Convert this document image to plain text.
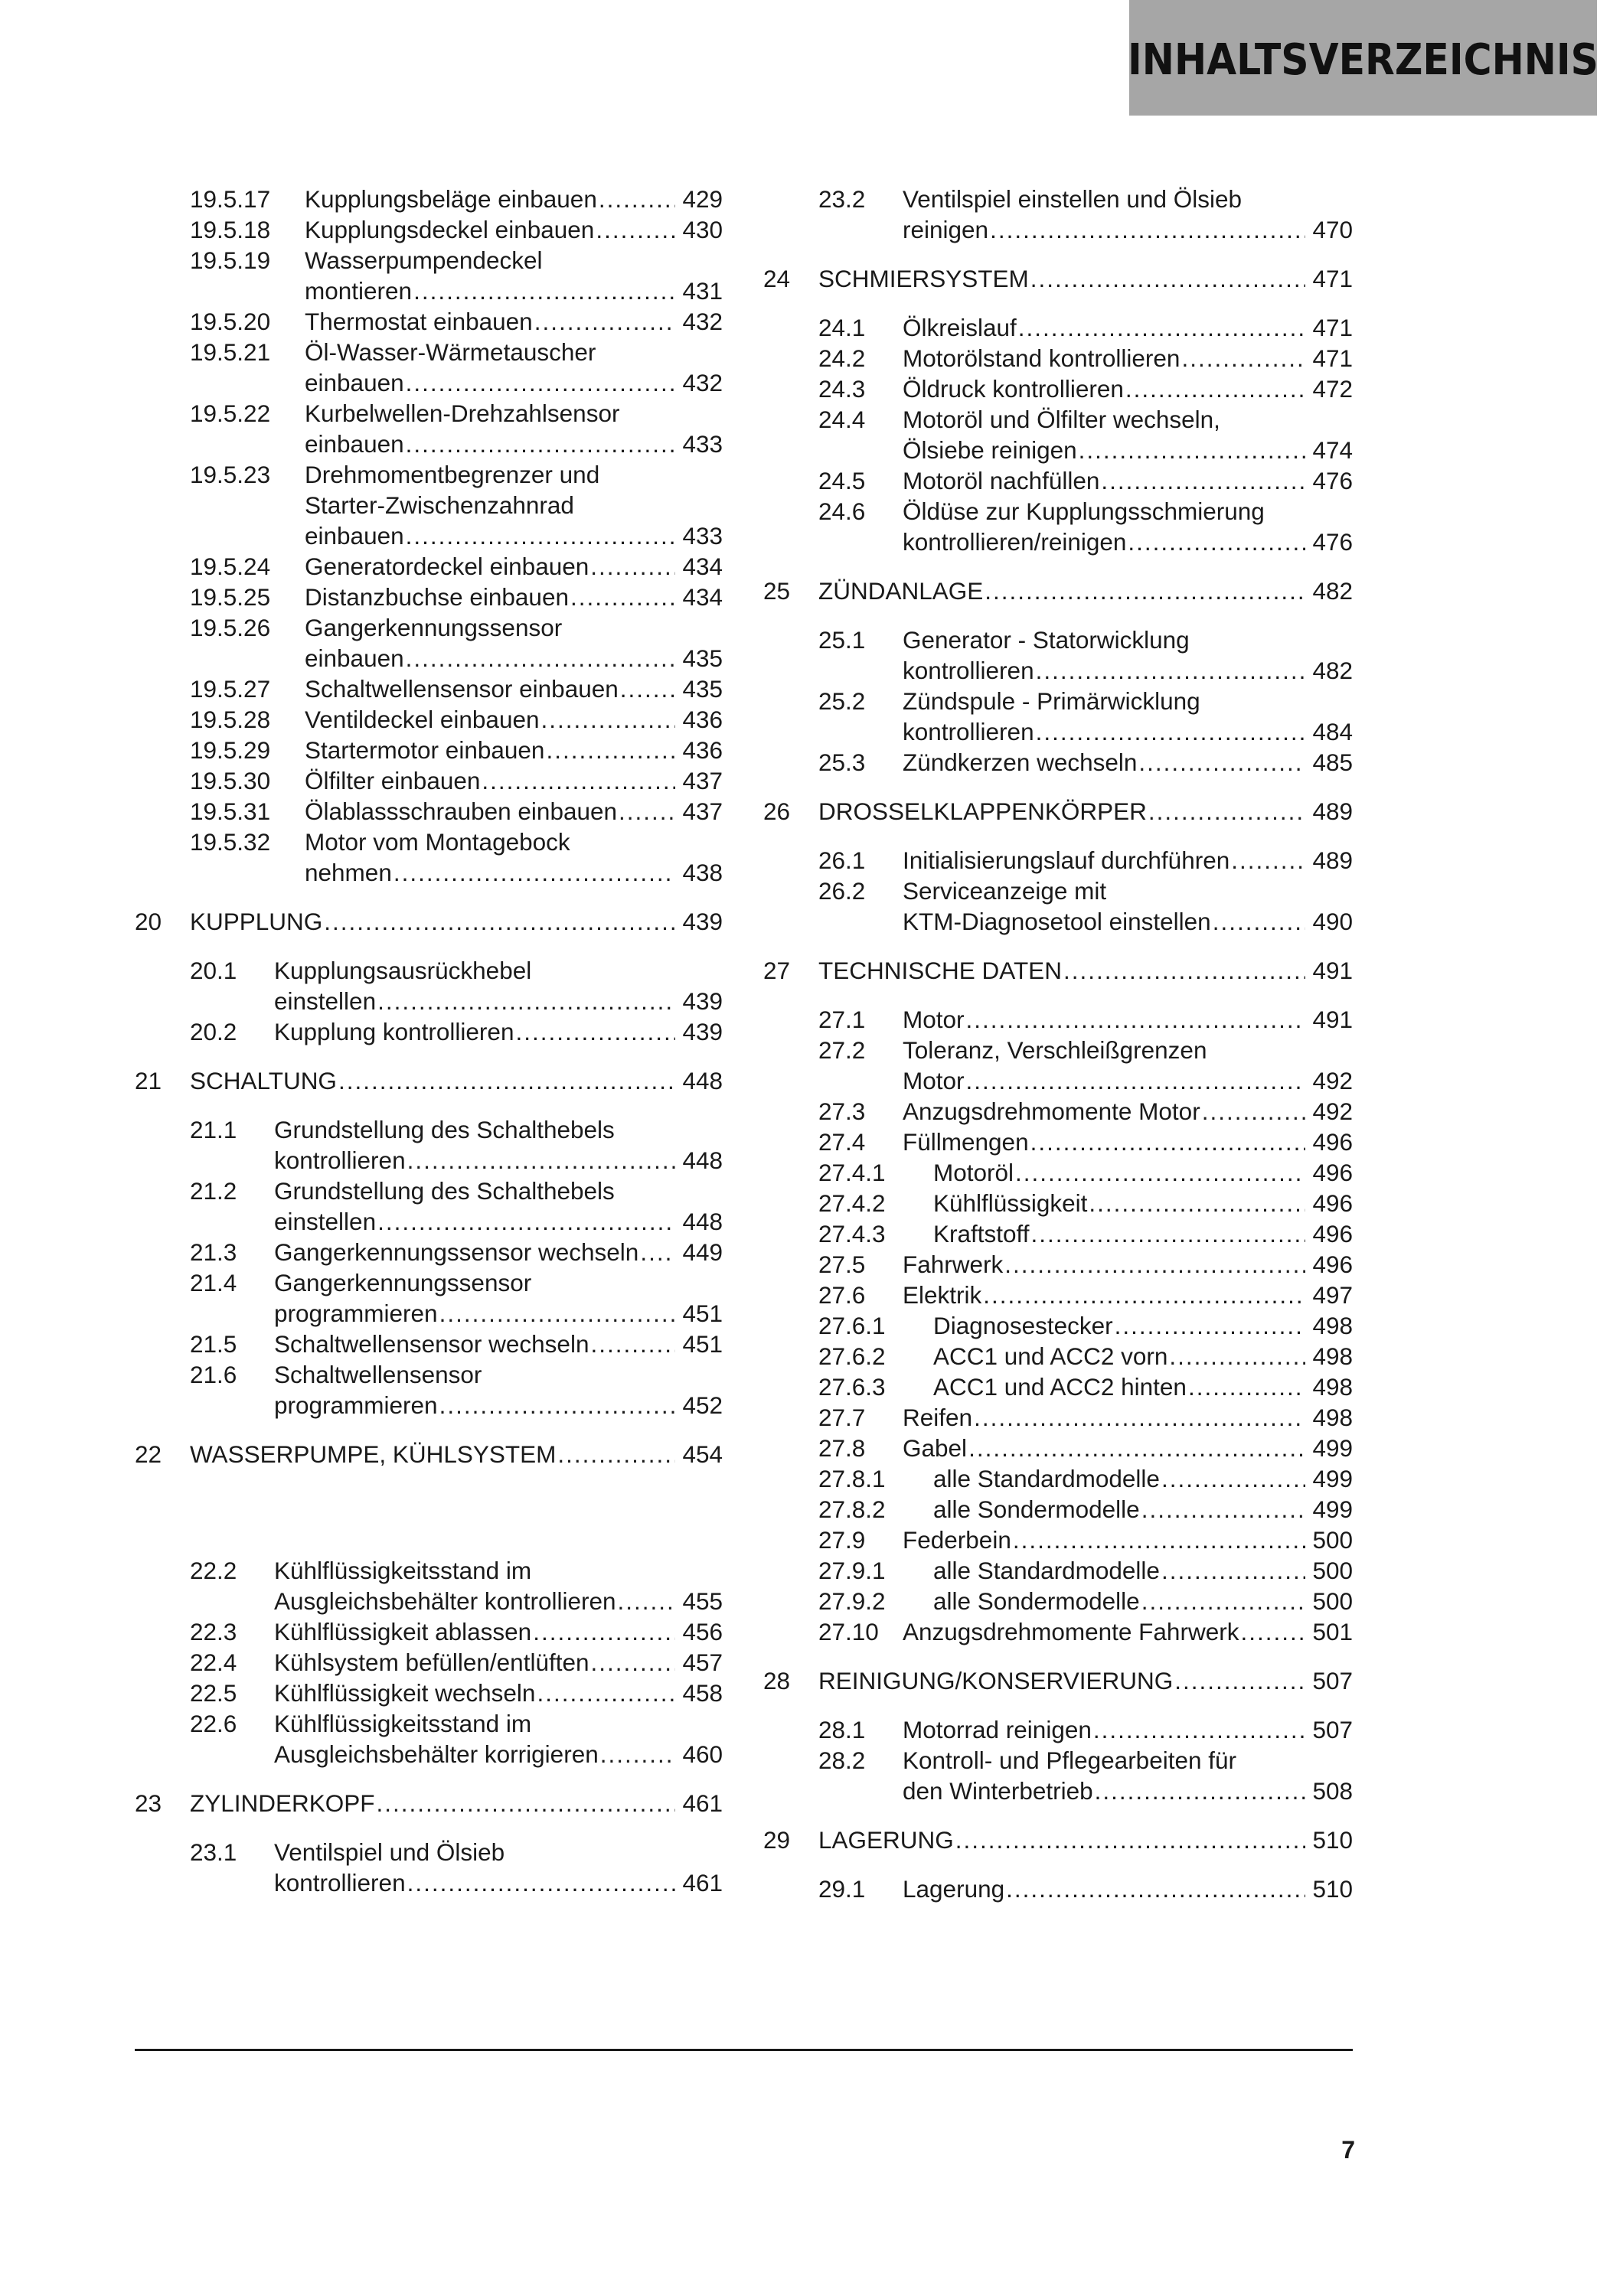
INHALTSVERZEICHNIS
19.5.17	Kupplungsbeläge einbauen .....	429
19.5.18	Kupplungsdeckel einbauen .....	430
19.5.19	Wasserpumpendeckel
montieren .....	431
19.5.20	Thermostat einbauen .....	432
19.5.21	Öl-Wasser-Wärmetauscher
einbauen .....	432
19.5.22	Kurbelwellen-Drehzahlsensor
einbauen .....	433
19.5.23	Drehmomentbegrenzer und
Starter-Zwischenzahnrad
einbauen .....	433
19.5.24	Generatordeckel einbauen .....	434
19.5.25	Distanzbuchse einbauen .....	434
19.5.26	Gangerkennungssensor
einbauen .....	435
19.5.27	Schaltwellensensor einbauen .....	435
19.5.28	Ventildeckel einbauen .....	436
19.5.29	Startermotor einbauen .....	436
19.5.30	Ölfilter einbauen .....	437
19.5.31	Ölablassschrauben einbauen .....	437
19.5.32	Motor vom Montagebock
nehmen .....	438
20	KUPPLUNG .....	439
20.1	Kupplungsausrückhebel
einstellen .....	439
20.2	Kupplung kontrollieren .....	439
21	SCHALTUNG .....	448
21.1	Grundstellung des Schalthebels
kontrollieren .....	448
21.2	Grundstellung des Schalthebels
einstellen .....	448
21.3	Gangerkennungssensor wechseln ..... 449
21.4	Gangerkennungssensor
programmieren .....	451
21.5	Schaltwellensensor wechseln .....	451
21.6	Schaltwellensensor
programmieren .....	452
22	WASSERPUMPE, KÜHLSYSTEM .....	454
22.2	Kühlflüssigkeitsstand im
Ausgleichsbehälter kontrollieren .....	455
22.3	Kühlflüssigkeit ablassen .....	456
22.4	Kühlsystem befüllen/entlüften .....	457
22.5	Kühlflüssigkeit wechseln .....	458
22.6	Kühlflüssigkeitsstand im
Ausgleichsbehälter korrigieren .....	460
23	ZYLINDERKOPF .....	461
23.1	Ventilspiel und Ölsieb
kontrollieren .....	461
23.2	Ventilspiel einstellen und Ölsieb
reinigen .....	470
24	SCHMIERSYSTEM .....	471
24.1	Ölkreislauf .....	471
24.2	Motorölstand kontrollieren .....	471
24.3	Öldruck kontrollieren .....	472
24.4	Motoröl und Ölfilter wechseln,
Ölsiebe reinigen .....	474
24.5	Motoröl nachfüllen .....	476
24.6	Öldüse zur Kupplungsschmierung
kontrollieren/reinigen .....	476
25	ZÜNDANLAGE .....	482
25.1	Generator - Statorwicklung
kontrollieren .....	482
25.2	Zündspule - Primärwicklung
kontrollieren .....	484
25.3	Zündkerzen wechseln .....	485
26	DROSSELKLAPPENKÖRPER .....	489
26.1	Initialisierungslauf durchführen .....	489
26.2	Serviceanzeige mit
KTM-Diagnosetool einstellen .....	490
27	TECHNISCHE DATEN .....	491
27.1	Motor .....	491
27.2	Toleranz, Verschleißgrenzen
Motor .....	492
27.3	Anzugsdrehmomente Motor .....	492
27.4	Füllmengen .....	496
27.4.1	Motoröl .....	496
27.4.2	Kühlflüssigkeit .....	496
27.4.3	Kraftstoff .....	496
27.5	Fahrwerk .....	496
27.6	Elektrik .....	497
27.6.1	Diagnosestecker .....	498
27.6.2	ACC1 und ACC2 vorn .....	498
27.6.3	ACC1 und ACC2 hinten .....	498
27.7	Reifen .....	498
27.8	Gabel .....	499
27.8.1	alle Standardmodelle .....	499
27.8.2	alle Sondermodelle .....	499
27.9	Federbein .....	500
27.9.1	alle Standardmodelle .....	500
27.9.2	alle Sondermodelle .....	500
27.10 Anzugsdrehmomente Fahrwerk .....	501
28	REINIGUNG/KONSERVIERUNG .....	507
28.1	Motorrad reinigen .....	507
28.2	Kontroll- und Pflegearbeiten für
den Winterbetrieb .....	508
29	LAGERUNG .....	510
29.1	Lagerung .....	510
7
